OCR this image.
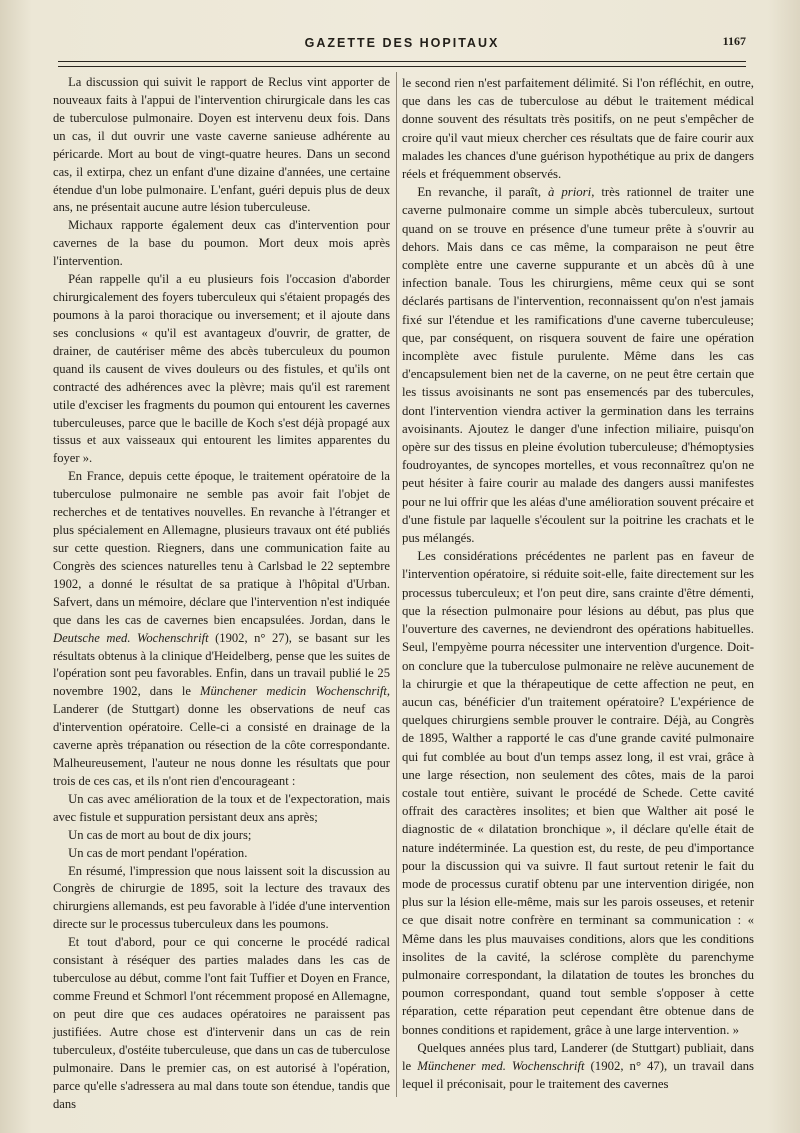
GAZETTE DES HOPITAUX	1167

La discussion qui suivit le rapport de Reclus vint apporter de nouveaux faits à l'appui de l'intervention chirurgicale dans les cas de tuberculose pulmonaire. Doyen est intervenu deux fois. Dans un cas, il dut ouvrir une vaste caverne sanieuse adhérente au péricarde. Mort au bout de vingt-quatre heures. Dans un second cas, il extirpa, chez un enfant d'une dizaine d'années, une certaine étendue d'un lobe pulmonaire. L'enfant, guéri depuis plus de deux ans, ne présentait aucune autre lésion tuberculeuse.

Michaux rapporte également deux cas d'intervention pour cavernes de la base du poumon. Mort deux mois après l'intervention.

Péan rappelle qu'il a eu plusieurs fois l'occasion d'aborder chirurgicalement des foyers tuberculeux qui s'étaient propagés des poumons à la paroi thoracique ou inversement; et il ajoute dans ses conclusions « qu'il est avantageux d'ouvrir, de gratter, de drainer, de cautériser même des abcès tuberculeux du poumon quand ils causent de vives douleurs ou des fistules, et qu'ils ont contracté des adhérences avec la plèvre; mais qu'il est rarement utile d'exciser les fragments du poumon qui entourent les cavernes tuberculeuses, parce que le bacille de Koch s'est déjà propagé aux tissus et aux vaisseaux qui entourent les limites apparentes du foyer ».

En France, depuis cette époque, le traitement opératoire de la tuberculose pulmonaire ne semble pas avoir fait l'objet de recherches et de tentatives nouvelles. En revanche à l'étranger et plus spécialement en Allemagne, plusieurs travaux ont été publiés sur cette question. Riegners, dans une communication faite au Congrès des sciences naturelles tenu à Carlsbad le 22 septembre 1902, a donné le résultat de sa pratique à l'hôpital d'Urban. Safvert, dans un mémoire, déclare que l'intervention n'est indiquée que dans les cas de cavernes bien encapsulées. Jordan, dans le Deutsche med. Wochenschrift (1902, n° 27), se basant sur les résultats obtenus à la clinique d'Heidelberg, pense que les suites de l'opération sont peu favorables. Enfin, dans un travail publié le 25 novembre 1902, dans le Münchener medicin Wochenschrift, Landerer (de Stuttgart) donne les observations de neuf cas d'intervention opératoire. Celle-ci a consisté en drainage de la caverne après trépanation ou résection de la côte correspondante. Malheureusement, l'auteur ne nous donne les résultats que pour trois de ces cas, et ils n'ont rien d'encourageant :

Un cas avec amélioration de la toux et de l'expectoration, mais avec fistule et suppuration persistant deux ans après;

Un cas de mort au bout de dix jours;

Un cas de mort pendant l'opération.

En résumé, l'impression que nous laissent soit la discussion au Congrès de chirurgie de 1895, soit la lecture des travaux des chirurgiens allemands, est peu favorable à l'idée d'une intervention directe sur le processus tuberculeux dans les poumons.

Et tout d'abord, pour ce qui concerne le procédé radical consistant à réséquer des parties malades dans les cas de tuberculose au début, comme l'ont fait Tuffier et Doyen en France, comme Freund et Schmorl l'ont récemment proposé en Allemagne, on peut dire que ces audaces opératoires ne paraissent pas justifiées. Autre chose est d'intervenir dans un cas de rein tuberculeux, d'ostéite tuberculeuse, que dans un cas de tuberculose pulmonaire. Dans le premier cas, on est autorisé à l'opération, parce qu'elle s'adressera au mal dans toute son étendue, tandis que dans

le second rien n'est parfaitement délimité. Si l'on réfléchit, en outre, que dans les cas de tuberculose au début le traitement médical donne souvent des résultats très positifs, on ne peut s'empêcher de croire qu'il vaut mieux chercher ces résultats que de faire courir aux malades les chances d'une guérison hypothétique au prix de dangers réels et fréquemment observés.

En revanche, il paraît, à priori, très rationnel de traiter une caverne pulmonaire comme un simple abcès tuberculeux, surtout quand on se trouve en présence d'une tumeur prête à s'ouvrir au dehors. Mais dans ce cas même, la comparaison ne peut être complète entre une caverne suppurante et un abcès dû à une infection banale. Tous les chirurgiens, même ceux qui se sont déclarés partisans de l'intervention, reconnaissent qu'on n'est jamais fixé sur l'étendue et les ramifications d'une caverne tuberculeuse; que, par conséquent, on risquera souvent de faire une opération incomplète avec fistule purulente. Même dans les cas d'encapsulement bien net de la caverne, on ne peut être certain que les tissus avoisinants ne sont pas ensemencés par des tubercules, dont l'intervention viendra activer la germination dans les terrains avoisinants. Ajoutez le danger d'une infection miliaire, puisqu'on opère sur des tissus en pleine évolution tuberculeuse; d'hémoptysies foudroyantes, de syncopes mortelles, et vous reconnaîtrez qu'on ne peut hésiter à faire courir au malade des dangers aussi manifestes pour ne lui offrir que les aléas d'une amélioration souvent précaire et d'une fistule par laquelle s'écoulent sur la poitrine les crachats et le pus mélangés.

Les considérations précédentes ne parlent pas en faveur de l'intervention opératoire, si réduite soit-elle, faite directement sur les processus tuberculeux; et l'on peut dire, sans crainte d'être démenti, que la résection pulmonaire pour lésions au début, pas plus que l'ouverture des cavernes, ne deviendront des opérations habituelles. Seul, l'empyème pourra nécessiter une intervention d'urgence. Doit-on conclure que la tuberculose pulmonaire ne relève aucunement de la chirurgie et que la thérapeutique de cette affection ne peut, en aucun cas, bénéficier d'un traitement opératoire? L'expérience de quelques chirurgiens semble prouver le contraire. Déjà, au Congrès de 1895, Walther a rapporté le cas d'une grande cavité pulmonaire qui fut comblée au bout d'un temps assez long, il est vrai, grâce à une large résection, non seulement des côtes, mais de la paroi costale tout entière, suivant le procédé de Schede. Cette cavité offrait des caractères insolites; et bien que Walther ait posé le diagnostic de « dilatation bronchique », il déclare qu'elle était de nature indéterminée. La question est, du reste, de peu d'importance pour la discussion qui va suivre. Il faut surtout retenir le fait du mode de processus curatif obtenu par une intervention dirigée, non plus sur la lésion elle-même, mais sur les parois osseuses, et retenir ce que disait notre confrère en terminant sa communication : « Même dans les plus mauvaises conditions, alors que les conditions insolites de la cavité, la sclérose complète du parenchyme pulmonaire correspondant, la dilatation de toutes les bronches du poumon correspondant, quand tout semble s'opposer à cette réparation, cette réparation peut cependant être obtenue dans de bonnes conditions et rapidement, grâce à une large intervention. »

Quelques années plus tard, Landerer (de Stuttgart) publiait, dans le Münchener med. Wochenschrift (1902, n° 47), un travail dans lequel il préconisait, pour le traitement des cavernes
